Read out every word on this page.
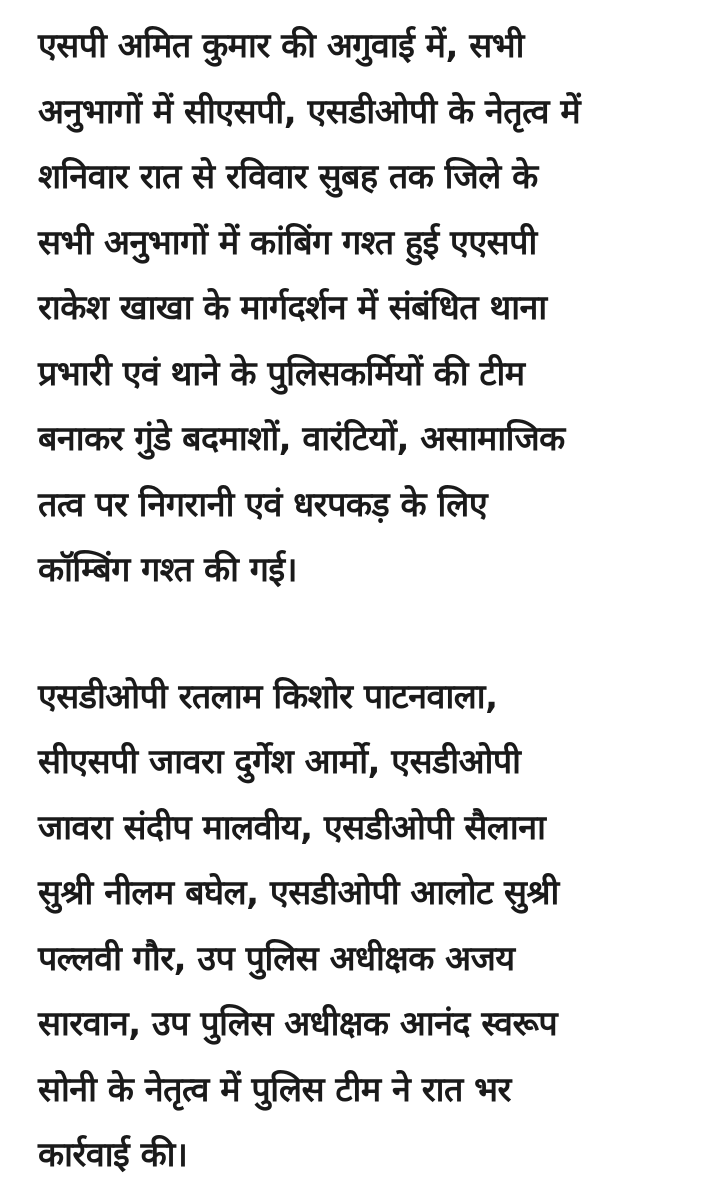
एसपी अमित कुमार की अगुवाई में, सभी
अनुभागों में सीएसपी, एसडीओपी के नेतृत्व में
शनिवार रात से रविवार सुबह तक जिले के
सभी अनुभागों में कांबिंग गश्त हुई एएसपी
राकेश खाखा के मार्गदर्शन में संबंधित थाना
प्रभारी एवं थाने के पुलिसकर्मियों की टीम
बनाकर गुंडे बदमाशों, वारंटियों, असामाजिक
तत्व पर निगरानी एवं धरपकड़ के लिए
कॉम्बिंग गश्त की गई।
एसडीओपी रतलाम किशोर पाटनवाला,
सीएसपी जावरा दुर्गेश आर्मो, एसडीओपी
जावरा संदीप मालवीय, एसडीओपी सैलाना
सुश्री नीलम बघेल, एसडीओपी आलोट सुश्री
पल्लवी गौर, उप पुलिस अधीक्षक अजय
सारवान, उप पुलिस अधीक्षक आनंद स्वरूप
सोनी के नेतृत्व में पुलिस टीम ने रात भर
कार्रवाई की।
